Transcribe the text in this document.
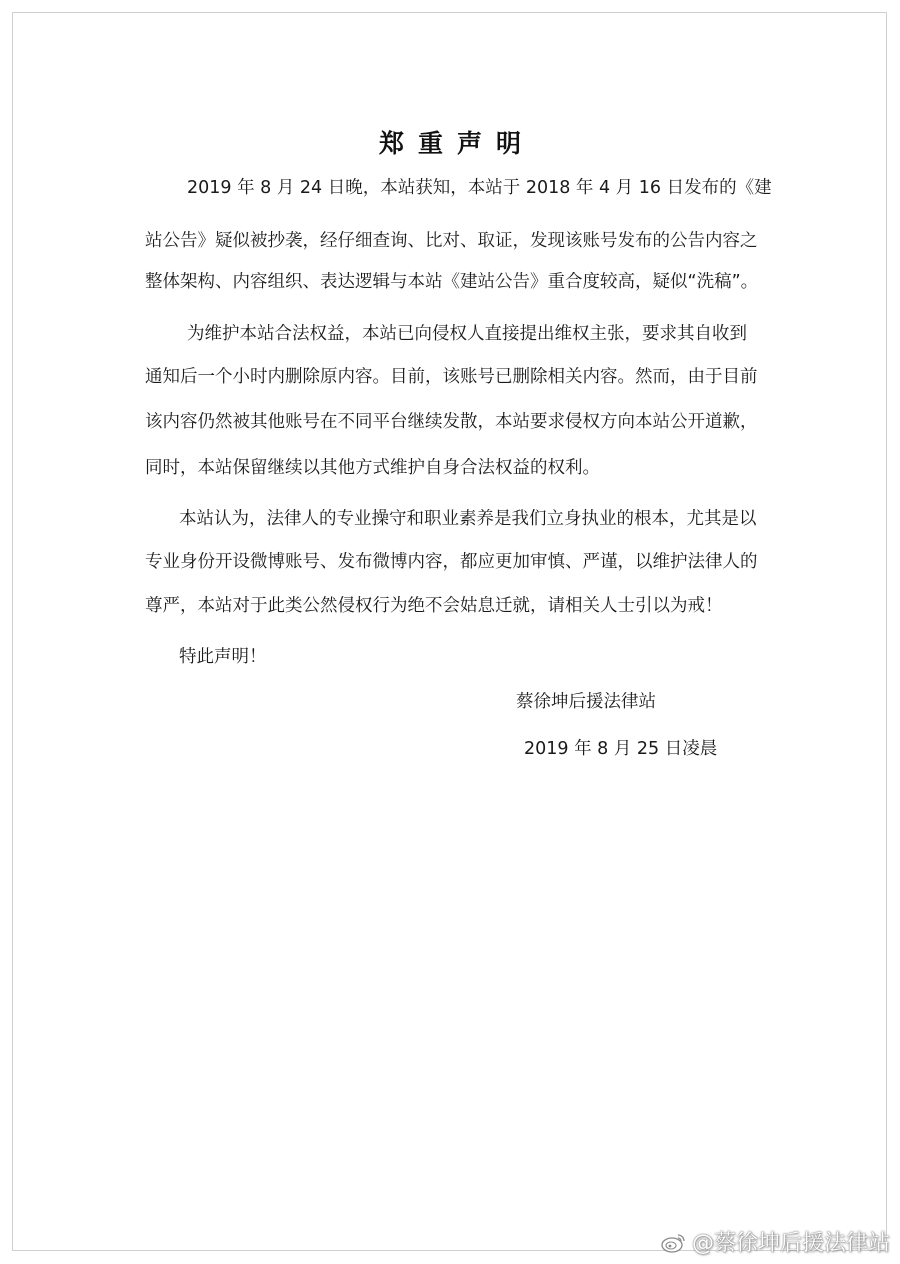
郑重声明
2019 年 8 月 24 日晚，本站获知，本站于 2018 年 4 月 16 日发布的《建
站公告》疑似被抄袭，经仔细查询、比对、取证，发现该账号发布的公告内容之
整体架构、内容组织、表达逻辑与本站《建站公告》重合度较高，疑似“洗稿”。
为维护本站合法权益，本站已向侵权人直接提出维权主张，要求其自收到
通知后一个小时内删除原内容。目前，该账号已删除相关内容。然而，由于目前
该内容仍然被其他账号在不同平台继续发散，本站要求侵权方向本站公开道歉，
同时，本站保留继续以其他方式维护自身合法权益的权利。
本站认为，法律人的专业操守和职业素养是我们立身执业的根本，尤其是以
专业身份开设微博账号、发布微博内容，都应更加审慎、严谨，以维护法律人的
尊严，本站对于此类公然侵权行为绝不会姑息迁就，请相关人士引以为戒！
特此声明！
蔡徐坤后援法律站
2019 年 8 月 25 日凌晨
@蔡徐坤后援法律站
